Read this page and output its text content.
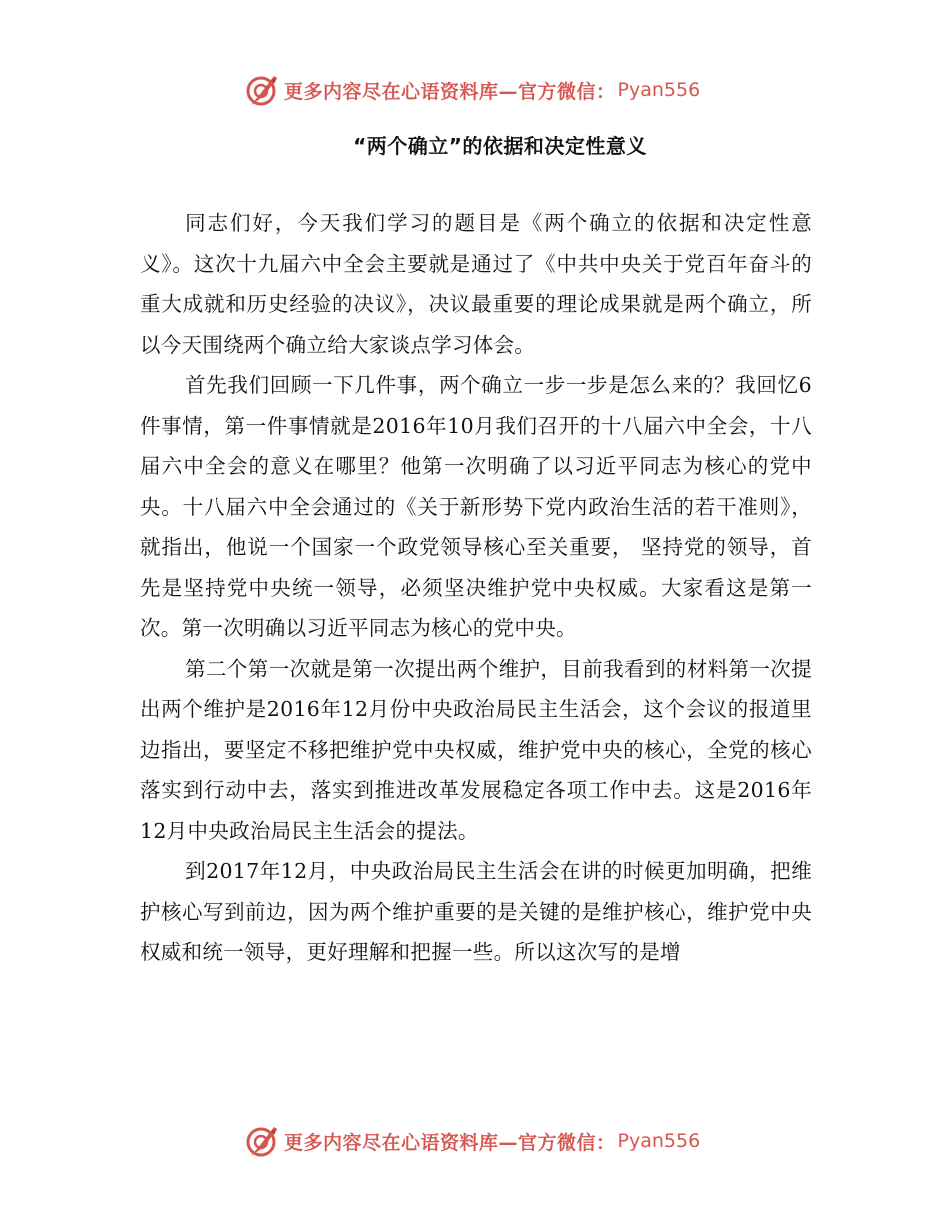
更多内容尽在心语资料库—官方微信： Pyan556
“两个确立”的依据和决定性意义

同志们好，今天我们学习的题目是《两个确立的依据和决定性意义》。这次十九届六中全会主要就是通过了《中共中央关于党百年奋斗的重大成就和历史经验的决议》，决议最重要的理论成果就是两个确立，所以今天围绕两个确立给大家谈点学习体会。

首先我们回顾一下几件事，两个确立一步一步是怎么来的？我回忆6件事情，第一件事情就是2016年10月我们召开的十八届六中全会，十八届六中全会的意义在哪里？他第一次明确了以习近平同志为核心的党中央。十八届六中全会通过的《关于新形势下党内政治生活的若干准则》，就指出，他说一个国家一个政党领导核心至关重要， 坚持党的领导，首先是坚持党中央统一领导，必须坚决维护党中央权威。大家看这是第一次。第一次明确以习近平同志为核心的党中央。

第二个第一次就是第一次提出两个维护，目前我看到的材料第一次提出两个维护是2016年12月份中央政治局民主生活会，这个会议的报道里边指出，要坚定不移把维护党中央权威，维护党中央的核心，全党的核心落实到行动中去，落实到推进改革发展稳定各项工作中去。这是2016年12月中央政治局民主生活会的提法。

到2017年12月，中央政治局民主生活会在讲的时候更加明确，把维护核心写到前边，因为两个维护重要的是关键的是维护核心，维护党中央权威和统一领导，更好理解和把握一些。所以这次写的是增

更多内容尽在心语资料库—官方微信： Pyan556
